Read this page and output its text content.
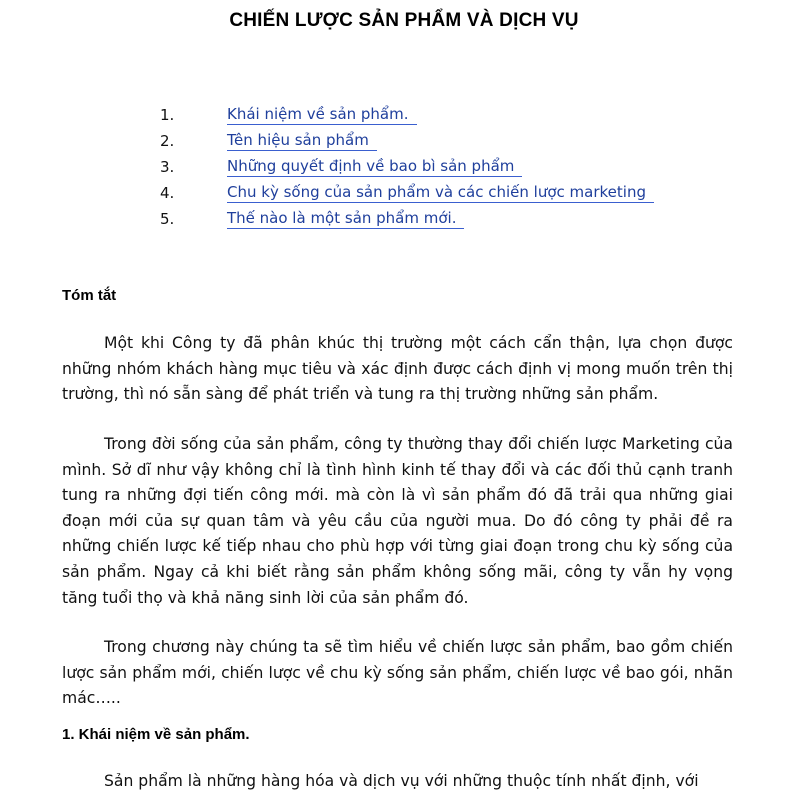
CHIẾN LƯỢC SẢN PHẨM VÀ DỊCH VỤ
1.	Khái niệm về sản phẩm.
2.	Tên hiệu sản phẩm
3.	Những quyết định về bao bì sản phẩm
4.	Chu kỳ sống của sản phẩm và các chiến lược marketing
5.	Thế nào là một sản phẩm mới.
Tóm tắt

Một khi Công ty đã phân khúc thị trường một cách cẩn thận, lựa chọn được những nhóm khách hàng mục tiêu và xác định được cách định vị mong muốn trên thị trường, thì nó sẵn sàng để phát triển và tung ra thị trường những sản phẩm.

Trong đời sống của sản phẩm, công ty thường thay đổi chiến lược Marketing của mình. Sở dĩ như vậy không chỉ là tình hình kinh tế thay đổi và các đối thủ cạnh tranh tung ra những đợi tiến công mới. mà còn là vì sản phẩm đó đã trải qua những giai đoạn mới của sự quan tâm và yêu cầu của người mua. Do đó công ty phải đề ra những chiến lược kế tiếp nhau cho phù hợp với từng giai đoạn trong chu kỳ sống của sản phẩm. Ngay cả khi biết rằng sản phẩm không sống mãi, công ty vẫn hy vọng tăng tuổi thọ và khả năng sinh lời của sản phẩm đó.

Trong chương này chúng ta sẽ tìm hiểu về chiến lược sản phẩm, bao gồm chiến lược sản phẩm mới, chiến lược về chu kỳ sống sản phẩm, chiến lược về bao gói, nhãn mác…..

1. Khái niệm về sản phẩm.

Sản phẩm là những hàng hóa và dịch vụ với những thuộc tính nhất định, với
